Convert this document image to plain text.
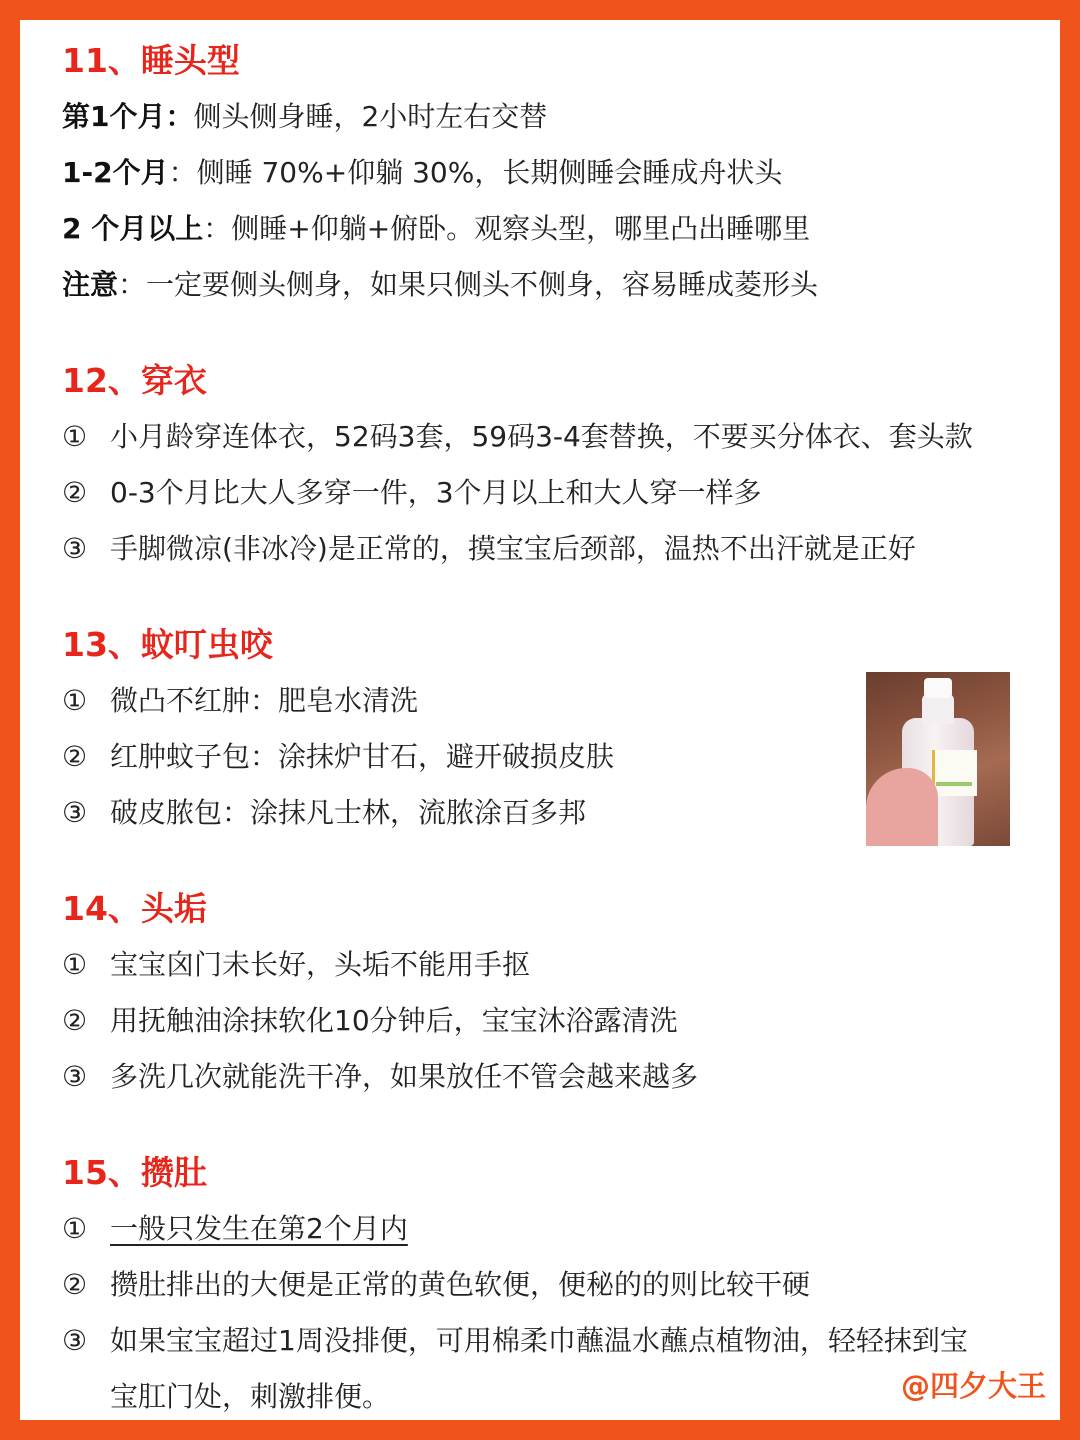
11、睡头型
第1个月：侧头侧身睡，2小时左右交替
1-2个月：侧睡 70%+仰躺 30%，长期侧睡会睡成舟状头
2 个月以上：侧睡+仰躺+俯卧。观察头型，哪里凸出睡哪里
注意：一定要侧头侧身，如果只侧头不侧身，容易睡成菱形头
12、穿衣
① 小月龄穿连体衣，52码3套，59码3-4套替换，不要买分体衣、套头款
② 0-3个月比大人多穿一件，3个月以上和大人穿一样多
③ 手脚微凉(非冰冷)是正常的，摸宝宝后颈部，温热不出汗就是正好
13、蚊叮虫咬
① 微凸不红肿：肥皂水清洗
② 红肿蚊子包：涂抹炉甘石，避开破损皮肤
③ 破皮脓包：涂抹凡士林，流脓涂百多邦
14、头垢
① 宝宝囟门未长好，头垢不能用手抠
② 用抚触油涂抹软化10分钟后，宝宝沐浴露清洗
③ 多洗几次就能洗干净，如果放任不管会越来越多
15、攒肚
① 一般只发生在第2个月内
② 攒肚排出的大便是正常的黄色软便，便秘的的则比较干硬
③ 如果宝宝超过1周没排便，可用棉柔巾蘸温水蘸点植物油，轻轻抹到宝
宝肛门处，刺激排便。	@四夕大王
